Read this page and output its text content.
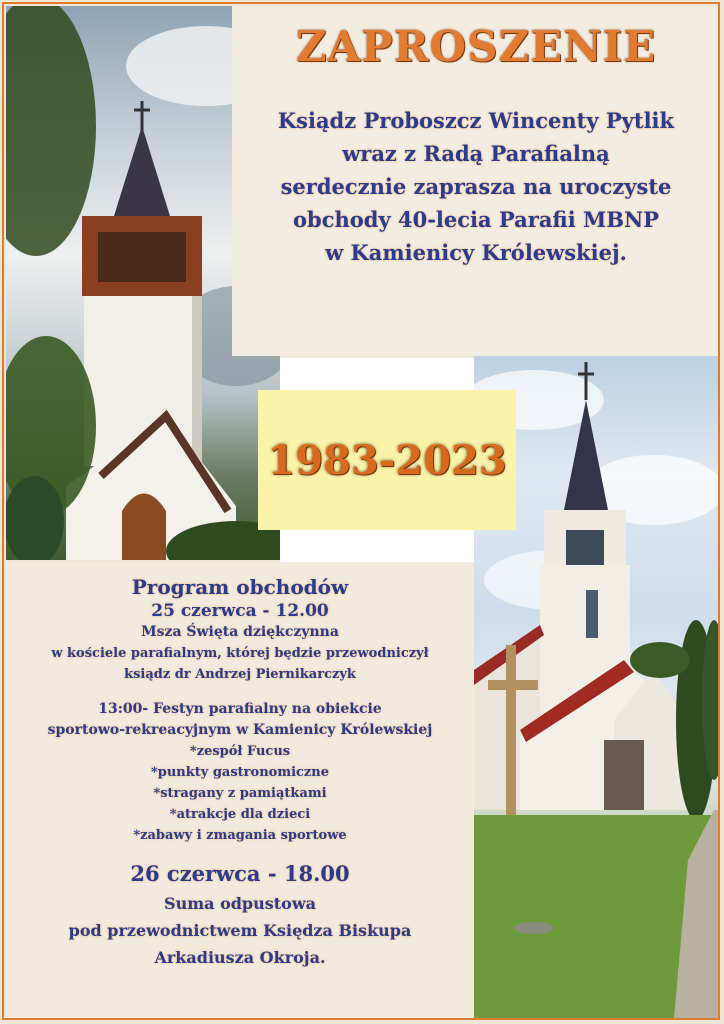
ZAPROSZENIE
Ksiądz Proboszcz Wincenty Pytlik
wraz z Radą Parafialną
serdecznie zaprasza na uroczyste
obchody 40-lecia Parafii MBNP
w Kamienicy Królewskiej.
1983-2023
Program obchodów
25 czerwca - 12.00
Msza Święta dziękczynna
w kościele parafialnym, której będzie przewodniczył
ksiądz dr Andrzej Piernikarczyk
13:00- Festyn parafialny na obiekcie
sportowo-rekreacyjnym w Kamienicy Królewskiej
*zespół Fucus
*punkty gastronomiczne
*stragany z pamiątkami
*atrakcje dla dzieci
*zabawy i zmagania sportowe
26 czerwca - 18.00
Suma odpustowa
pod przewodnictwem Księdza Biskupa
Arkadiusza Okroja.
